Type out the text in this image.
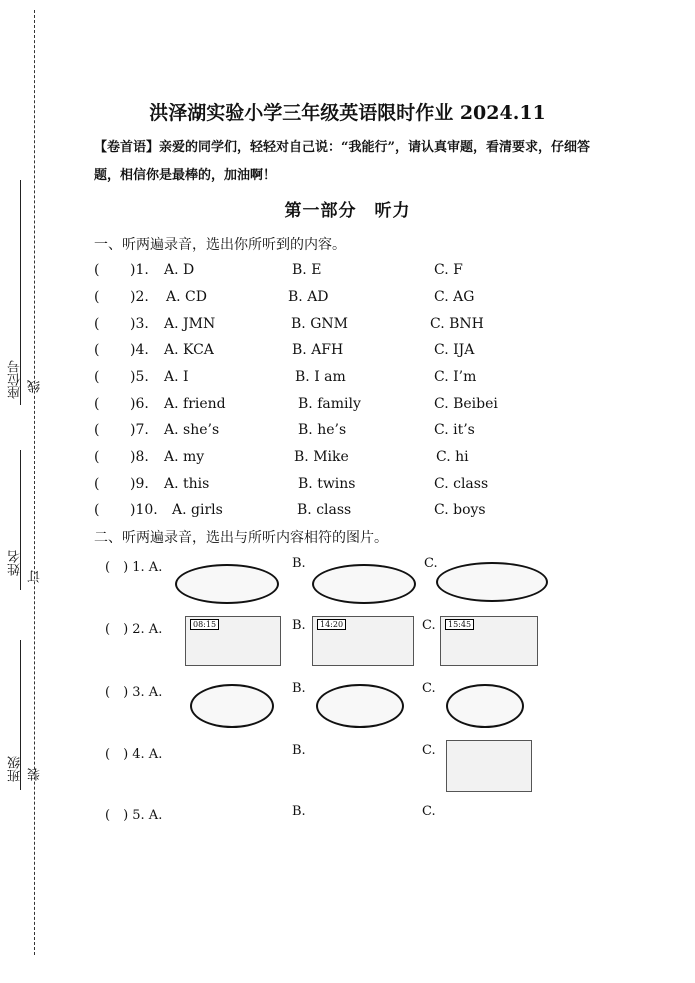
座位号 线
姓名
订
班级 装
洪泽湖实验小学三年级英语限时作业 2024.11
【卷首语】亲爱的同学们，轻轻对自己说：“我能行”，请认真审题，看清要求，仔细答题，相信你是最棒的，加油啊！
第一部分　听力
一、听两遍录音，选出你所听到的内容。
( )1. A. D	B. E	C. F
( )2. A. CD	B. AD	C. AG
( )3. A. JMN	B. GNM	C. BNH
( )4. A. KCA	B. AFH	C. IJA
( )5. A. I	B. I am	C. I’m
( )6. A. friend	B. family	C. Beibei
( )7. A. she’s	B. he’s	C. it’s
( )8. A. my	B. Mike	C. hi
( )9. A. this	B. twins	C. class
( )10. A. girls	B. class	C. boys
二、听两遍录音，选出与所听内容相符的图片。
(　) 1. A.	B.	C.
(　) 2. A.	B.	C.
08:15	14:20	15:45
(　) 3. A.	B.	C.
(　) 4. A.	B.	C.
(　) 5. A.	B.	C.
